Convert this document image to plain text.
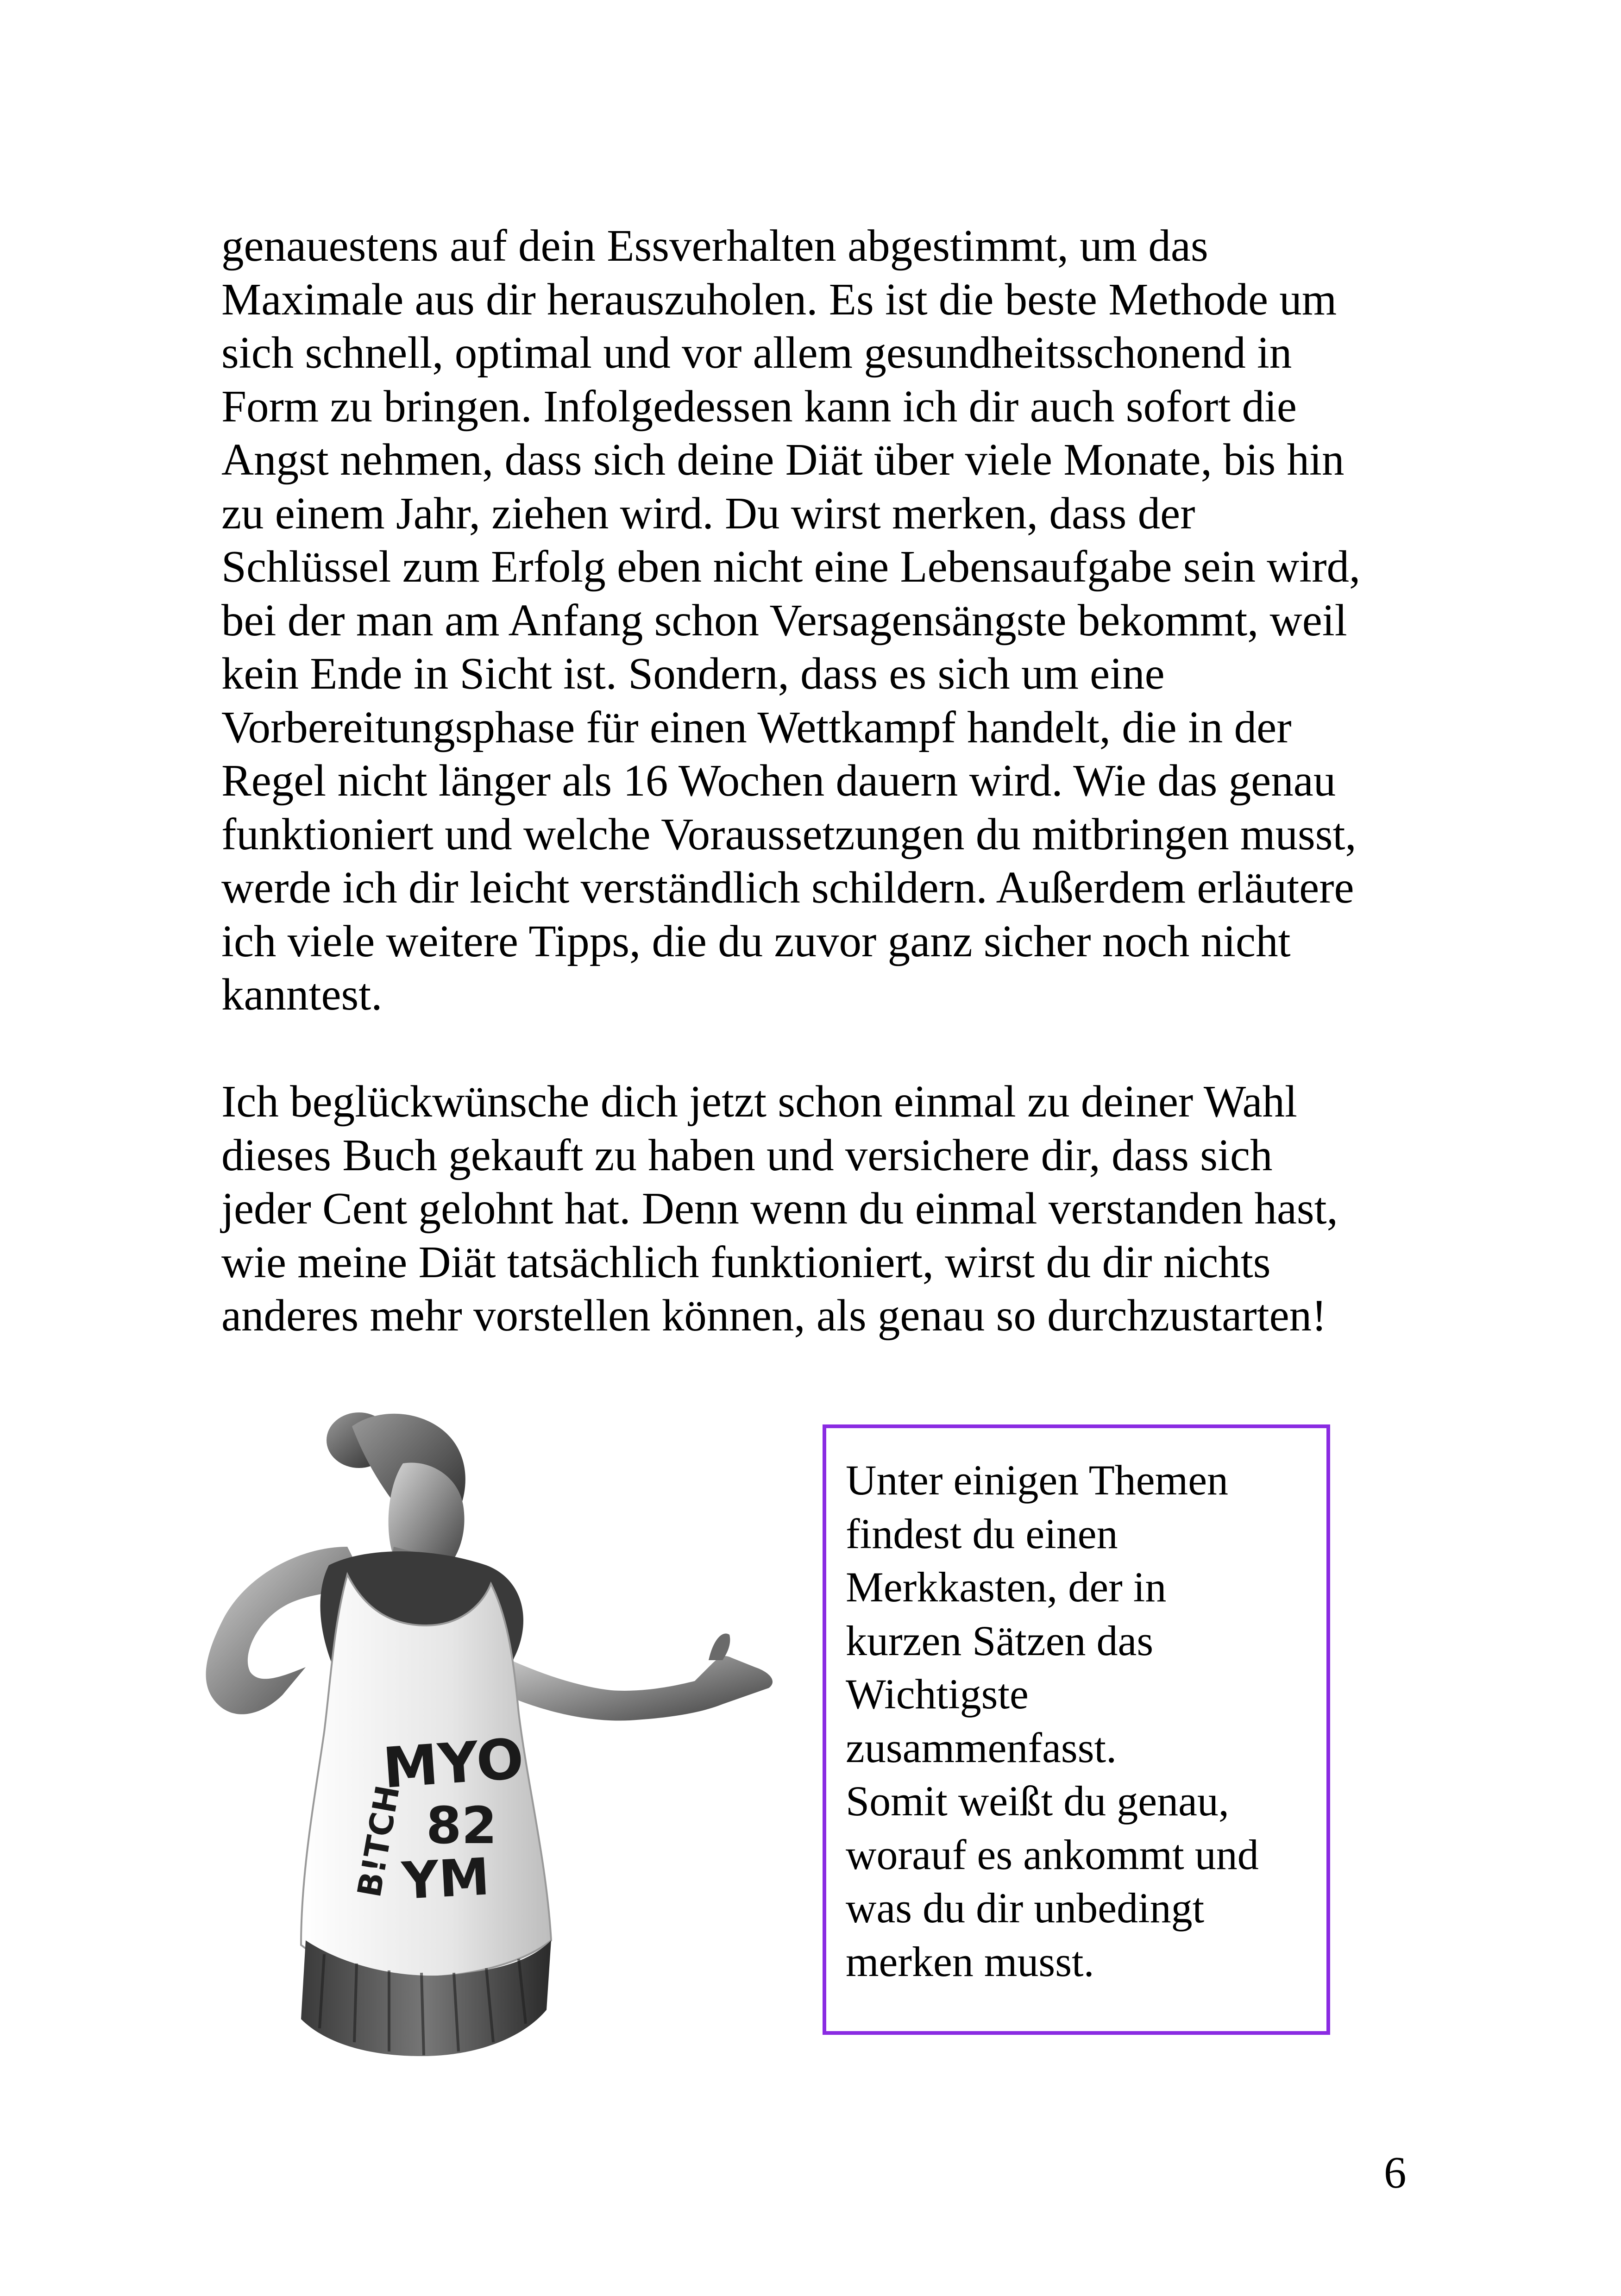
genauestens auf dein Essverhalten abgestimmt, um das
Maximale aus dir herauszuholen. Es ist die beste Methode um
sich schnell, optimal und vor allem gesundheitsschonend in
Form zu bringen. Infolgedessen kann ich dir auch sofort die
Angst nehmen, dass sich deine Diät über viele Monate, bis hin
zu einem Jahr, ziehen wird. Du wirst merken, dass der
Schlüssel zum Erfolg eben nicht eine Lebensaufgabe sein wird,
bei der man am Anfang schon Versagensängste bekommt, weil
kein Ende in Sicht ist. Sondern, dass es sich um eine
Vorbereitungsphase für einen Wettkampf handelt, die in der
Regel nicht länger als 16 Wochen dauern wird. Wie das genau
funktioniert und welche Voraussetzungen du mitbringen musst,
werde ich dir leicht verständlich schildern. Außerdem erläutere
ich viele weitere Tipps, die du zuvor ganz sicher noch nicht
kanntest.
Ich beglückwünsche dich jetzt schon einmal zu deiner Wahl
dieses Buch gekauft zu haben und versichere dir, dass sich
jeder Cent gelohnt hat. Denn wenn du einmal verstanden hast,
wie meine Diät tatsächlich funktioniert, wirst du dir nichts
anderes mehr vorstellen können, als genau so durchzustarten!
MYO
82
YM
B!TCH
Unter einigen Themen
findest du einen
Merkkasten, der in
kurzen Sätzen das
Wichtigste
zusammenfasst.
Somit weißt du genau,
worauf es ankommt und
was du dir unbedingt
merken musst.
6
